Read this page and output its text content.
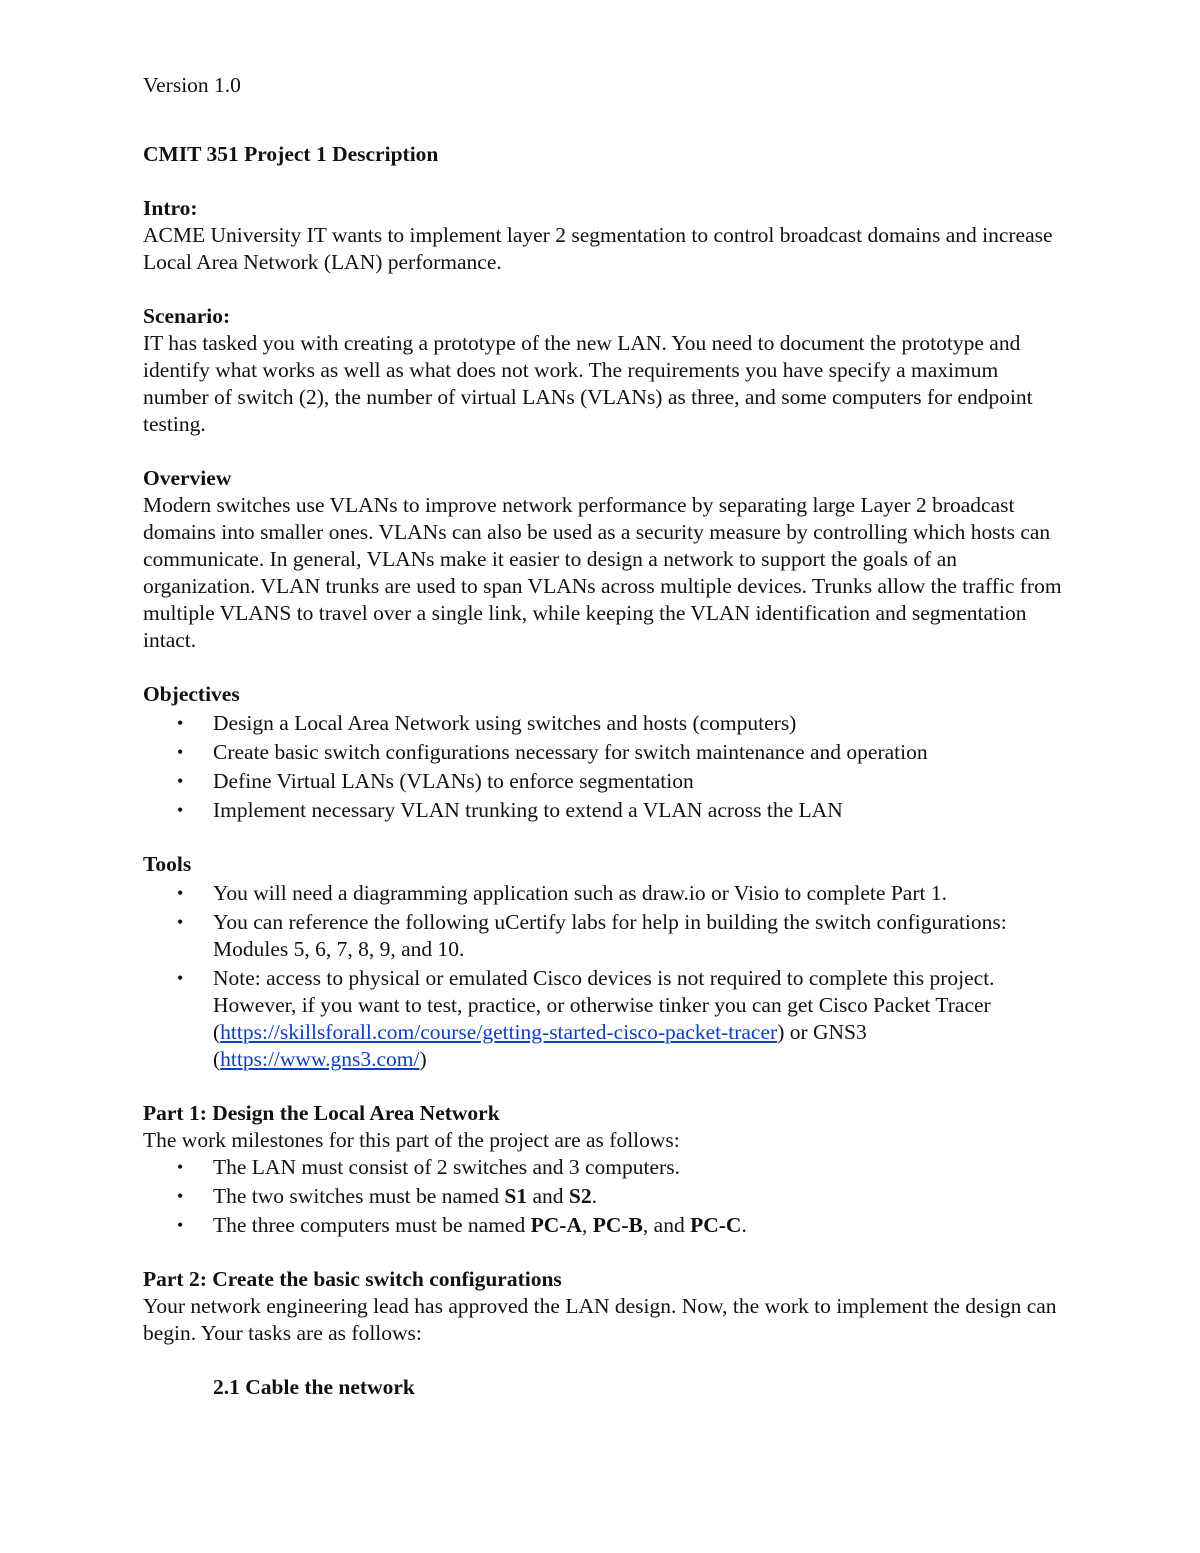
Version 1.0

CMIT 351 Project 1 Description

Intro:

ACME University IT wants to implement layer 2 segmentation to control broadcast domains and increase Local Area Network (LAN) performance.

Scenario:

IT has tasked you with creating a prototype of the new LAN. You need to document the prototype and identify what works as well as what does not work. The requirements you have specify a maximum number of switch (2), the number of virtual LANs (VLANs) as three, and some computers for endpoint testing.

Overview

Modern switches use VLANs to improve network performance by separating large Layer 2 broadcast domains into smaller ones. VLANs can also be used as a security measure by controlling which hosts can communicate. In general, VLANs make it easier to design a network to support the goals of an organization. VLAN trunks are used to span VLANs across multiple devices. Trunks allow the traffic from multiple VLANS to travel over a single link, while keeping the VLAN identification and segmentation intact.

Objectives

• Design a Local Area Network using switches and hosts (computers)
• Create basic switch configurations necessary for switch maintenance and operation
• Define Virtual LANs (VLANs) to enforce segmentation
• Implement necessary VLAN trunking to extend a VLAN across the LAN

Tools

• You will need a diagramming application such as draw.io or Visio to complete Part 1.
• You can reference the following uCertify labs for help in building the switch configurations: Modules 5, 6, 7, 8, 9, and 10.
• Note: access to physical or emulated Cisco devices is not required to complete this project. However, if you want to test, practice, or otherwise tinker you can get Cisco Packet Tracer (https://skillsforall.com/course/getting-started-cisco-packet-tracer) or GNS3 (https://www.gns3.com/)

Part 1: Design the Local Area Network

The work milestones for this part of the project are as follows:

• The LAN must consist of 2 switches and 3 computers.
• The two switches must be named S1 and S2.
• The three computers must be named PC-A, PC-B, and PC-C.

Part 2: Create the basic switch configurations

Your network engineering lead has approved the LAN design. Now, the work to implement the design can begin. Your tasks are as follows:

2.1 Cable the network
